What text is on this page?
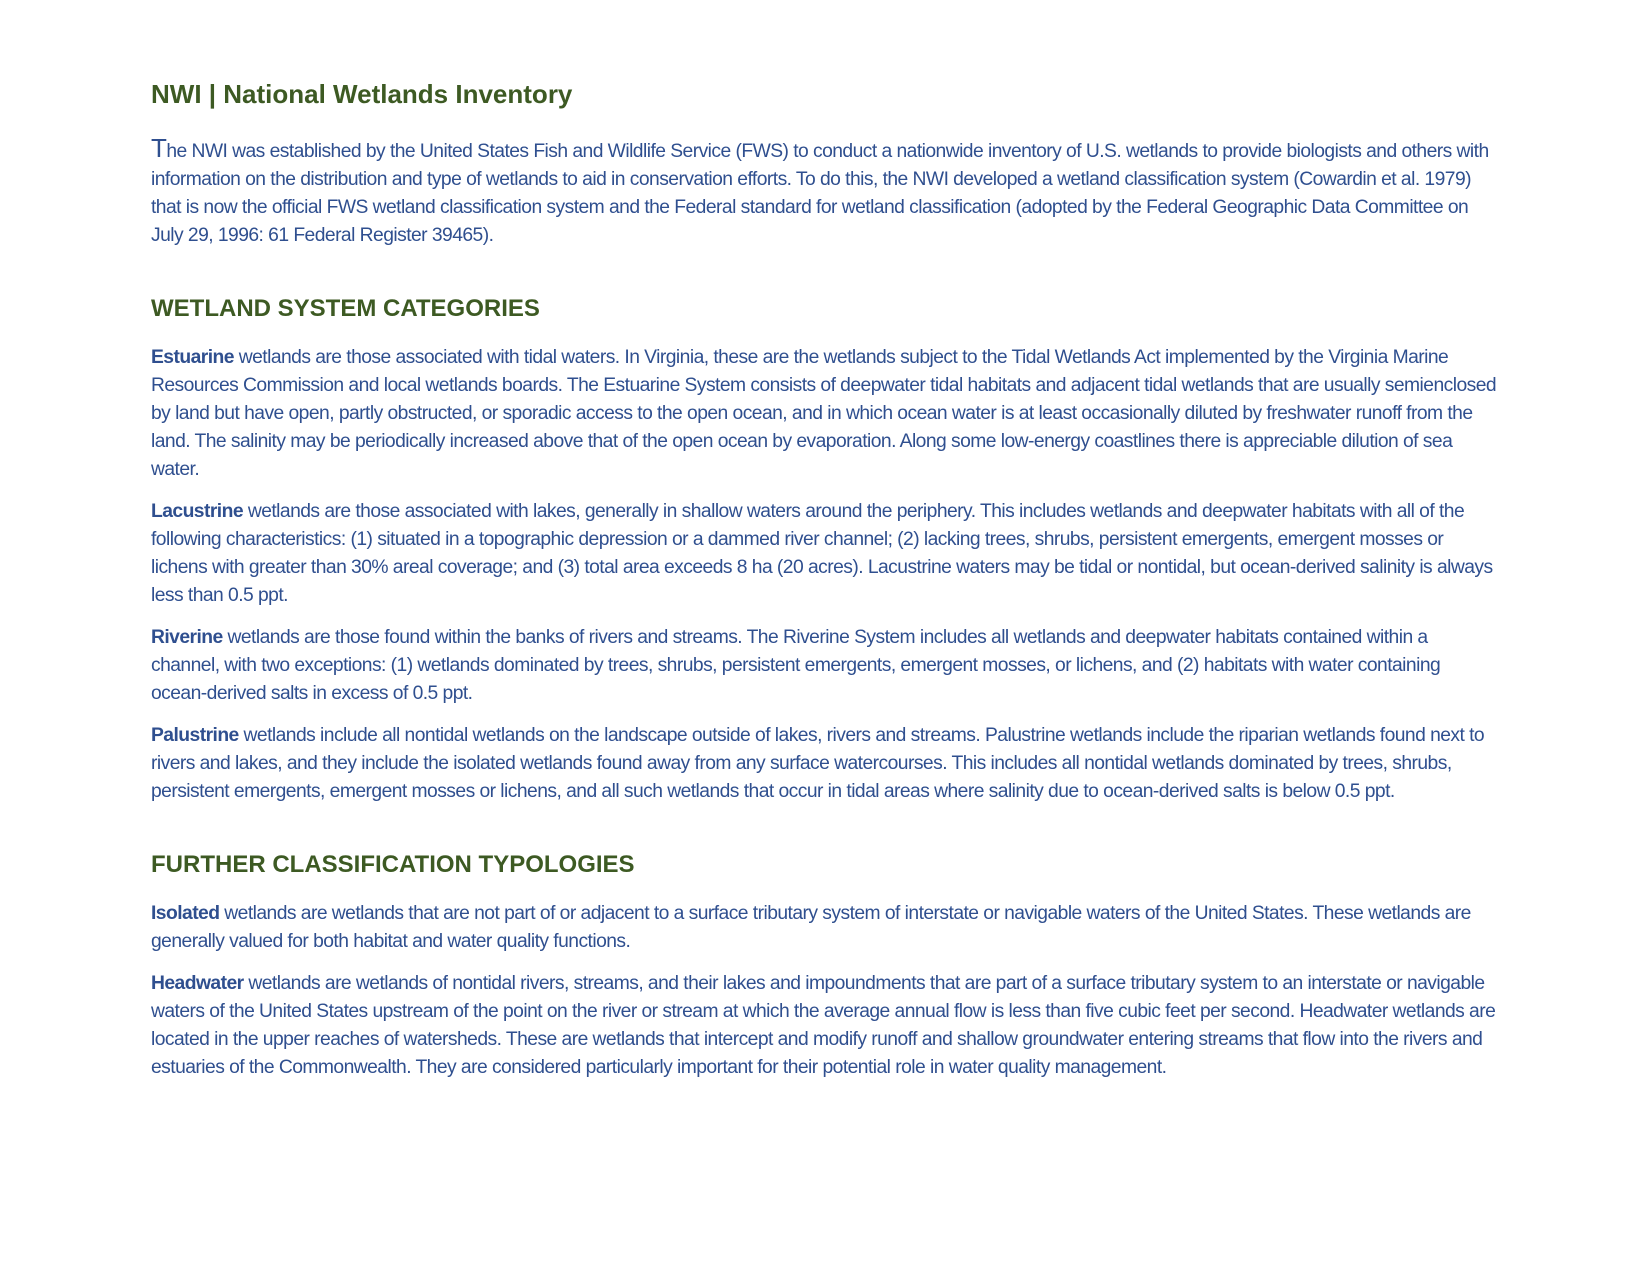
NWI | National Wetlands Inventory

The NWI was established by the United States Fish and Wildlife Service (FWS) to conduct a nationwide inventory of U.S. wetlands to provide biologists and others with information on the distribution and type of wetlands to aid in conservation efforts. To do this, the NWI developed a wetland classification system (Cowardin et al. 1979) that is now the official FWS wetland classification system and the Federal standard for wetland classification (adopted by the Federal Geographic Data Committee on July 29, 1996: 61 Federal Register 39465).

WETLAND SYSTEM CATEGORIES

Estuarine wetlands are those associated with tidal waters. In Virginia, these are the wetlands subject to the Tidal Wetlands Act implemented by the Virginia Marine Resources Commission and local wetlands boards. The Estuarine System consists of deepwater tidal habitats and adjacent tidal wetlands that are usually semienclosed by land but have open, partly obstructed, or sporadic access to the open ocean, and in which ocean water is at least occasionally diluted by freshwater runoff from the land. The salinity may be periodically increased above that of the open ocean by evaporation. Along some low-energy coastlines there is appreciable dilution of sea water.

Lacustrine wetlands are those associated with lakes, generally in shallow waters around the periphery. This includes wetlands and deepwater habitats with all of the following characteristics: (1) situated in a topographic depression or a dammed river channel; (2) lacking trees, shrubs, persistent emergents, emergent mosses or lichens with greater than 30% areal coverage; and (3) total area exceeds 8 ha (20 acres). Lacustrine waters may be tidal or nontidal, but ocean-derived salinity is always less than 0.5 ppt.

Riverine wetlands are those found within the banks of rivers and streams. The Riverine System includes all wetlands and deepwater habitats contained within a channel, with two exceptions: (1) wetlands dominated by trees, shrubs, persistent emergents, emergent mosses, or lichens, and (2) habitats with water containing ocean-derived salts in excess of 0.5 ppt.

Palustrine wetlands include all nontidal wetlands on the landscape outside of lakes, rivers and streams. Palustrine wetlands include the riparian wetlands found next to rivers and lakes, and they include the isolated wetlands found away from any surface watercourses. This includes all nontidal wetlands dominated by trees, shrubs, persistent emergents, emergent mosses or lichens, and all such wetlands that occur in tidal areas where salinity due to ocean-derived salts is below 0.5 ppt.

FURTHER CLASSIFICATION TYPOLOGIES

Isolated wetlands are wetlands that are not part of or adjacent to a surface tributary system of interstate or navigable waters of the United States. These wetlands are generally valued for both habitat and water quality functions.

Headwater wetlands are wetlands of nontidal rivers, streams, and their lakes and impoundments that are part of a surface tributary system to an interstate or navigable waters of the United States upstream of the point on the river or stream at which the average annual flow is less than five cubic feet per second. Headwater wetlands are located in the upper reaches of watersheds. These are wetlands that intercept and modify runoff and shallow groundwater entering streams that flow into the rivers and estuaries of the Commonwealth. They are considered particularly important for their potential role in water quality management.
